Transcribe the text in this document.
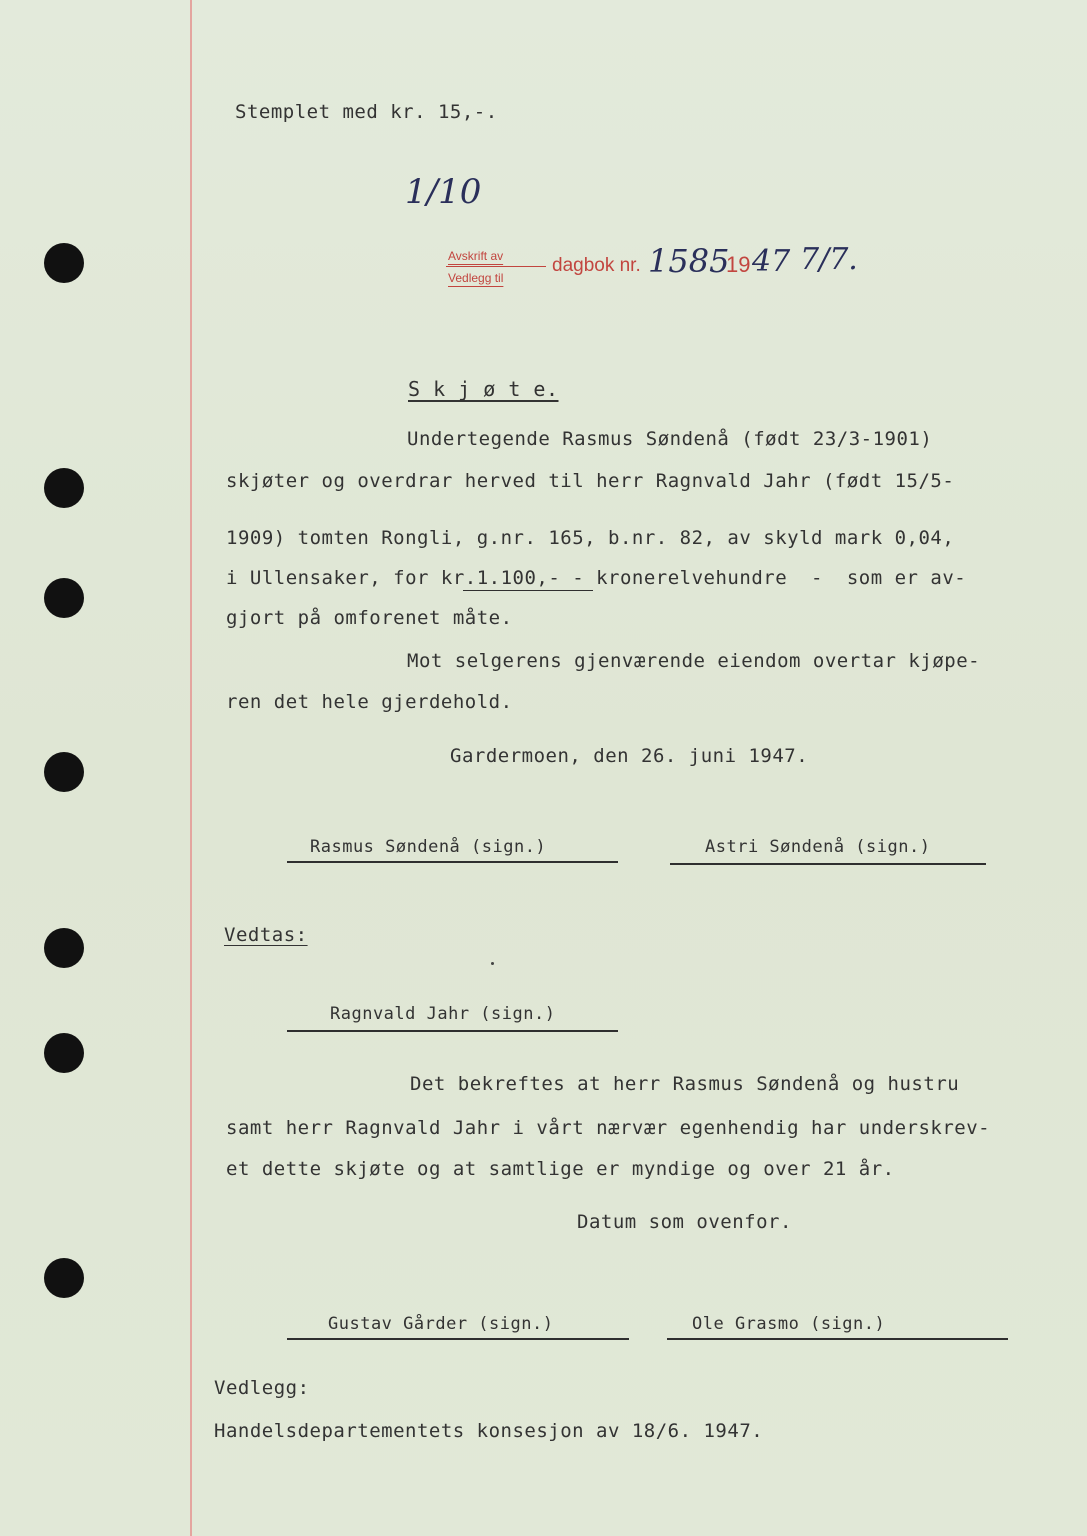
Stemplet med kr. 15,-.
1/10
Avskrift av
Vedlegg til
dagbok nr. 1585
19 47 7/7.
S k j ø t e.
Undertegende Rasmus Søndenå (født 23/3-1901)
skjøter og overdrar herved til herr Ragnvald Jahr (født 15/5-
1909) tomten Rongli, g.nr. 165, b.nr. 82, av skyld mark 0,04,
i Ullensaker, for kr.1.100,- - kronerelvehundre  -  som er av-
gjort på omforenet måte.
Mot selgerens gjenværende eiendom overtar kjøpe-
ren det hele gjerdehold.
Gardermoen, den 26. juni 1947.
Rasmus Søndenå (sign.)	Astri Søndenå (sign.)
Vedtas:
Ragnvald Jahr (sign.)
Det bekreftes at herr Rasmus Søndenå og hustru
samt herr Ragnvald Jahr i vårt nærvær egenhendig har underskrev-
et dette skjøte og at samtlige er myndige og over 21 år.
Datum som ovenfor.
Gustav Gårder (sign.)	Ole Grasmo (sign.)
Vedlegg:
Handelsdepartementets konsesjon av 18/6. 1947.
